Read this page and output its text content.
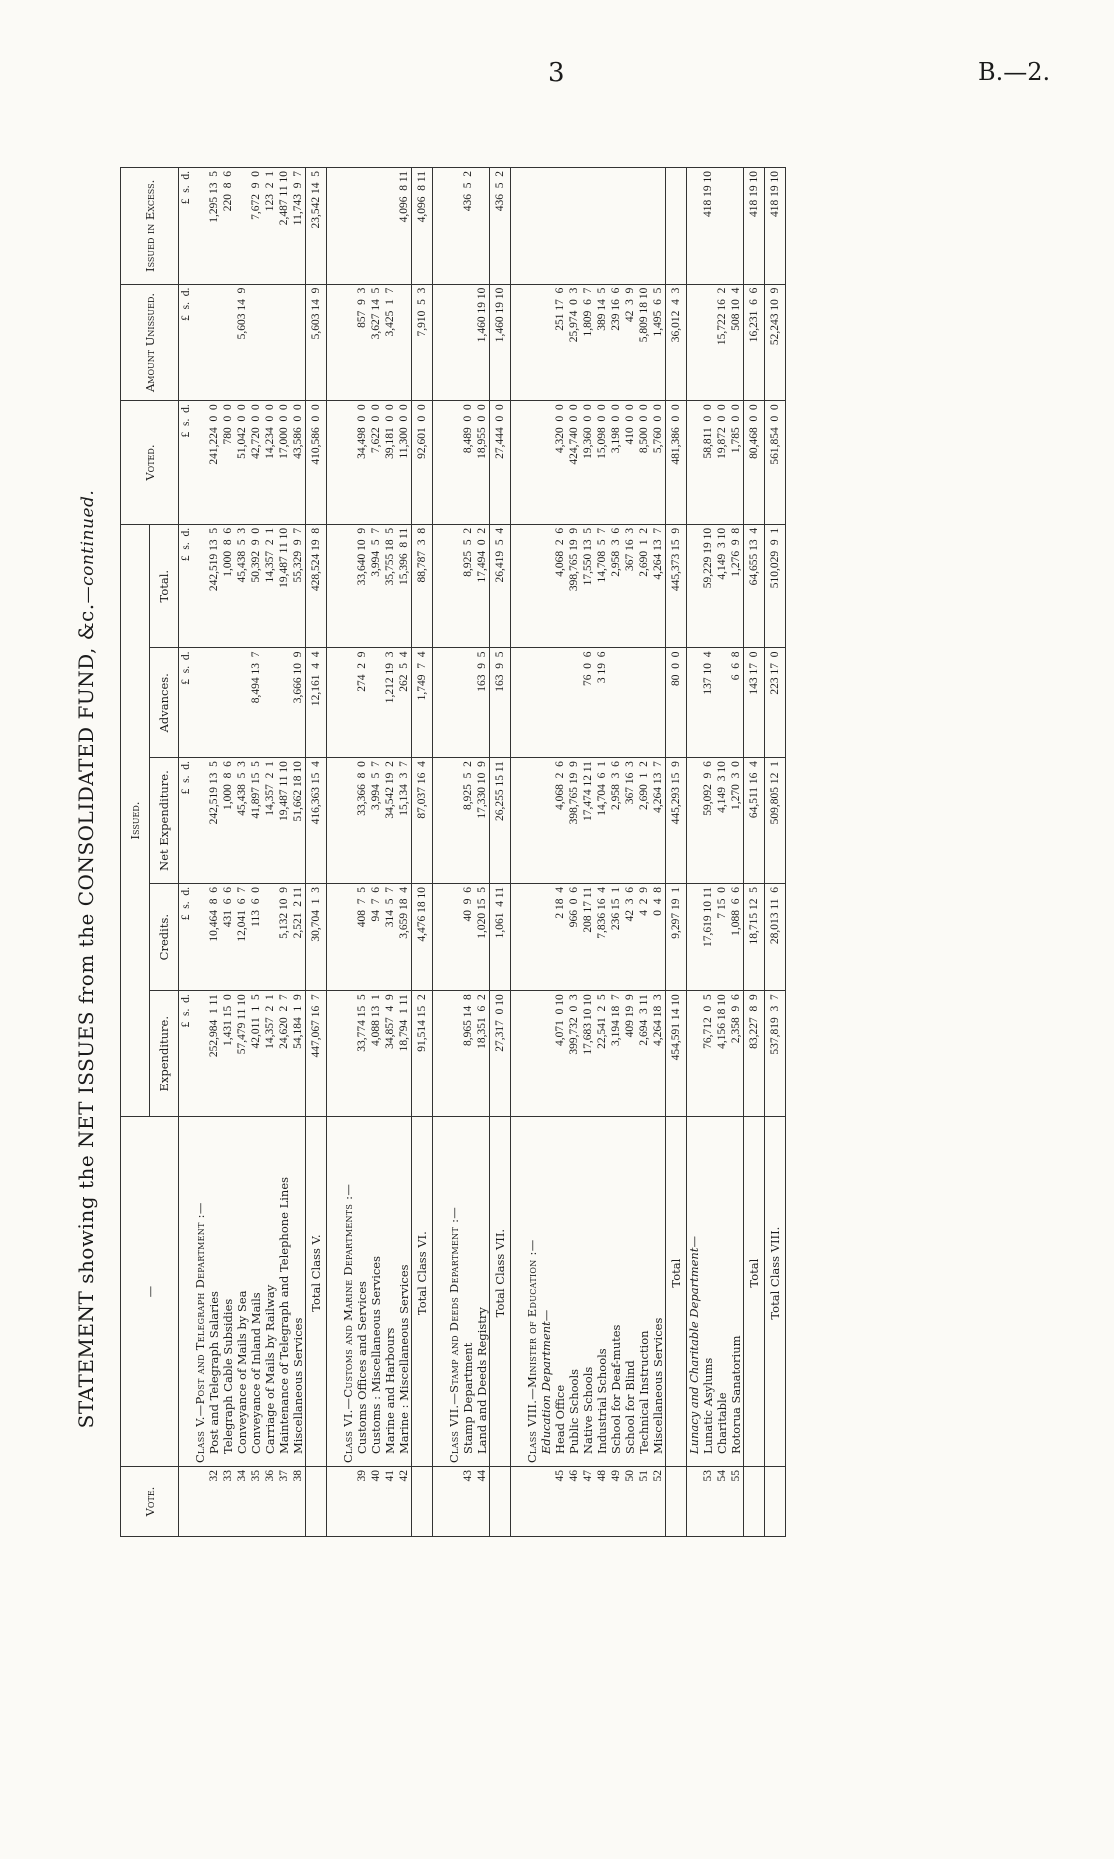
3	B.—2.
STATEMENT showing the NET ISSUES from the CONSOLIDATED FUND, &c.—continued.
Vote.	—	Issued.					Voted.	Amount Unissued.	Issued in Excess.
		Expenditure.	Credits.	Net Expenditure.	Advances.	Total.			
		£  s.  d.	£  s.  d.	£  s.  d.	£  s.  d.	£  s.  d.	£  s.  d.	£  s.  d.	£  s.  d.
	Class V.—Post and Telegraph Department :—								
32	Post and Telegraph Salaries	252,984  1 11	10,464  8  6	242,519 13  5		242,519 13  5	241,224  0  0		1,295 13  5
33	Telegraph Cable Subsidies	1,431 15  0	431  6  6	1,000  8  6		1,000  8  6	780  0  0		220  8  6
34	Conveyance of Mails by Sea	57,479 11 10	12,041  6  7	45,438  5  3		45,438  5  3	51,042  0  0	5,603 14  9	
35	Conveyance of Inland Mails	42,011  1  5	113  6  0	41,897 15  5	8,494 13  7	50,392  9  0	42,720  0  0		7,672  9  0
36	Carriage of Mails by Railway	14,357  2  1		14,357  2  1		14,357  2  1	14,234  0  0		123  2  1
37	Maintenance of Telegraph and Telephone Lines	24,620  2  7	5,132 10  9	19,487 11 10		19,487 11 10	17,000  0  0		2,487 11 10
38	Miscellaneous Services	54,184  1  9	2,521  2 11	51,662 18 10	3,666 10  9	55,329  9  7	43,586  0  0		11,743  9  7
	Total Class V.	447,067 16  7	30,704  1  3	416,363 15  4	12,161  4  4	428,524 19  8	410,586  0  0	5,603 14  9	23,542 14  5

	Class VI.—Customs and Marine Departments :—								
39	Customs Offices and Services	33,774 15  5	408  7  5	33,366  8  0	274  2  9	33,640 10  9	34,498  0  0	857  9  3	
40	Customs : Miscellaneous Services	4,088 13  1	94  7  6	3,994  5  7		3,994  5  7	7,622  0  0	3,627 14  5	
41	Marine and Harbours	34,857  4  9	314  5  7	34,542 19  2	1,212 19  3	35,755 18  5	39,181  0  0	3,425  1  7	
42	Marine : Miscellaneous Services	18,794  1 11	3,659 18  4	15,134  3  7	262  5  4	15,396  8 11	11,300  0  0		4,096  8 11
	Total Class VI.	91,514 15  2	4,476 18 10	87,037 16  4	1,749  7  4	88,787  3  8	92,601  0  0	7,910  5  3	4,096  8 11

	Class VII.—Stamp and Deeds Department :—								
43	Stamp Department	8,965 14  8	40  9  6	8,925  5  2		8,925  5  2	8,489  0  0		436  5  2
44	Land and Deeds Registry	18,351  6  2	1,020 15  5	17,330 10  9	163  9  5	17,494  0  2	18,955  0  0	1,460 19 10	
	Total Class VII.	27,317  0 10	1,061  4 11	26,255 15 11	163  9  5	26,419  5  4	27,444  0  0	1,460 19 10	436  5  2

	Class VIII.—Minister of Education :—								
	Education Department—								
45	Head Office	4,071  0 10	2 18  4	4,068  2  6		4,068  2  6	4,320  0  0	251 17  6	
46	Public Schools	399,732  0  3	966  0  6	398,765 19  9		398,765 19  9	424,740  0  0	25,974  0  3	
47	Native Schools	17,683 10 10	208 17 11	17,474 12 11	76  0  6	17,550 13  5	19,360  0  0	1,809  6  7	
48	Industrial Schools	22,541  2  5	7,836 16  4	14,704  6  1	3 19  6	14,708  5  7	15,098  0  0	389 14  5	
49	School for Deaf-mutes	3,194 18  7	236 15  1	2,958  3  6		2,958  3  6	3,198  0  0	239 16  6	
50	School for Blind	409 19  9	42  3  6	367 16  3		367 16  3	410  0  0	42  3  9	
51	Technical Instruction	2,694  3 11	4  2  9	2,690  1  2		2,690  1  2	8,500  0  0	5,809 18 10	
52	Miscellaneous Services	4,264 18  3	0  4  8	4,264 13  7		4,264 13  7	5,760  0  0	1,495  6  5	
	Total	454,591 14 10	9,297 19  1	445,293 15  9	80  0  0	445,373 15  9	481,386  0  0	36,012  4  3	
	Lunacy and Charitable Department—								
53	Lunatic Asylums	76,712  0  5	17,619 10 11	59,092  9  6	137 10  4	59,229 19 10	58,811  0  0		418 19 10
54	Charitable	4,156 18 10	7 15  0	4,149  3 10		4,149  3 10	19,872  0  0	15,722 16  2	
55	Rotorua Sanatorium	2,358  9  6	1,088  6  6	1,270  3  0	6  6  8	1,276  9  8	1,785  0  0	508 10  4	
	Total	83,227  8  9	18,715 12  5	64,511 16  4	143 17  0	64,655 13  4	80,468  0  0	16,231  6  6	418 19 10
	Total Class VIII.	537,819  3  7	28,013 11  6	509,805 12  1	223 17  0	510,029  9  1	561,854  0  0	52,243 10  9	418 19 10
